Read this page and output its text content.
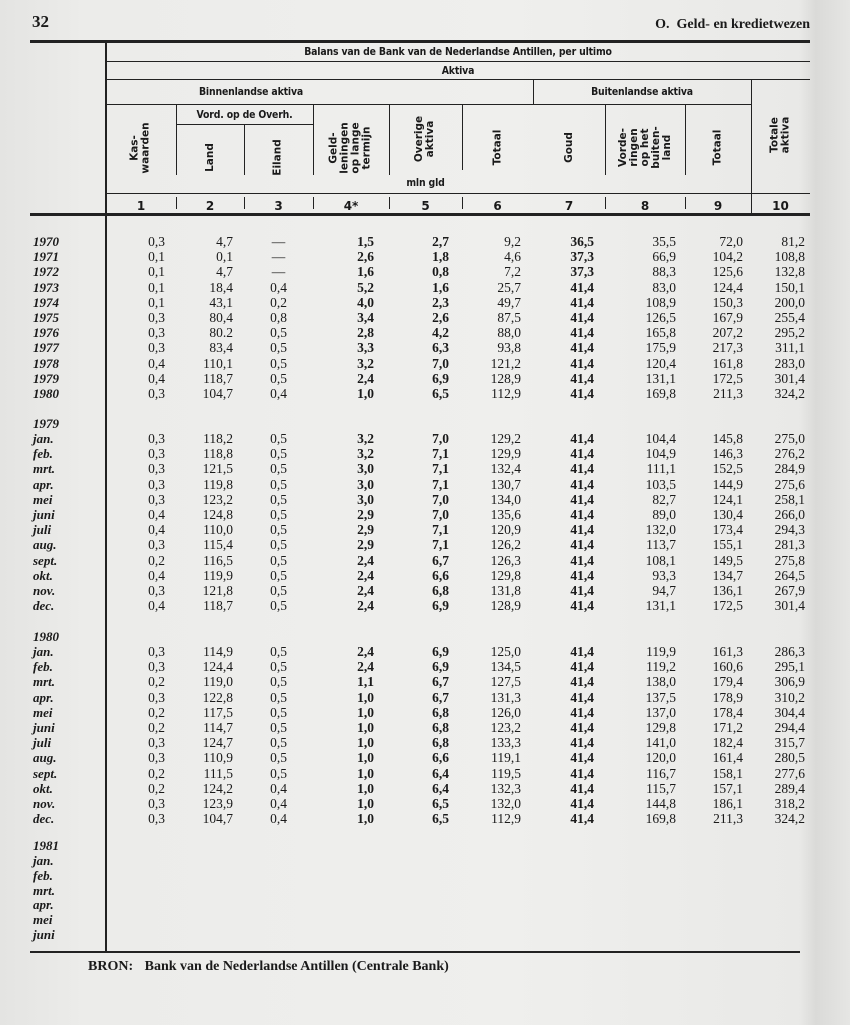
32	O.  Geld- en kredietwezen
Balans van de Bank van de Nederlandse Antillen, per ultimo
Aktiva
Binnenlandse aktiva	Buitenlandse aktiva
Vord. op de Overh.
mln gld
Kas-
waarden
1
Land
2
Eiland
3
Geld-
leningen
op lange
termijn
4*
Overige
aktiva
5
Totaal
6
Goud
7
Vorde-
ringen
op het
buiten-
land
8
Totaal
9
Totale
aktiva
10
1970	0,3	4,7	—	1,5	2,7	9,2	36,5	35,5	72,0	81,2
1971	0,1	0,1	—	2,6	1,8	4,6	37,3	66,9	104,2	108,8
1972	0,1	4,7	—	1,6	0,8	7,2	37,3	88,3	125,6	132,8
1973	0,1	18,4	0,4	5,2	1,6	25,7	41,4	83,0	124,4	150,1
1974	0,1	43,1	0,2	4,0	2,3	49,7	41,4	108,9	150,3	200,0
1975	0,3	80,4	0,8	3,4	2,6	87,5	41,4	126,5	167,9	255,4
1976	0,3	80.2	0,5	2,8	4,2	88,0	41,4	165,8	207,2	295,2
1977	0,3	83,4	0,5	3,3	6,3	93,8	41,4	175,9	217,3	311,1
1978	0,4	110,1	0,5	3,2	7,0	121,2	41,4	120,4	161,8	283,0
1979	0,4	118,7	0,5	2,4	6,9	128,9	41,4	131,1	172,5	301,4
1980	0,3	104,7	0,4	1,0	6,5	112,9	41,4	169,8	211,3	324,2
1979
jan.	0,3	118,2	0,5	3,2	7,0	129,2	41,4	104,4	145,8	275,0
feb.	0,3	118,8	0,5	3,2	7,1	129,9	41,4	104,9	146,3	276,2
mrt.	0,3	121,5	0,5	3,0	7,1	132,4	41,4	111,1	152,5	284,9
apr.	0,3	119,8	0,5	3,0	7,1	130,7	41,4	103,5	144,9	275,6
mei	0,3	123,2	0,5	3,0	7,0	134,0	41,4	82,7	124,1	258,1
juni	0,4	124,8	0,5	2,9	7,0	135,6	41,4	89,0	130,4	266,0
juli	0,4	110,0	0,5	2,9	7,1	120,9	41,4	132,0	173,4	294,3
aug.	0,3	115,4	0,5	2,9	7,1	126,2	41,4	113,7	155,1	281,3
sept.	0,2	116,5	0,5	2,4	6,7	126,3	41,4	108,1	149,5	275,8
okt.	0,4	119,9	0,5	2,4	6,6	129,8	41,4	93,3	134,7	264,5
nov.	0,3	121,8	0,5	2,4	6,8	131,8	41,4	94,7	136,1	267,9
dec.	0,4	118,7	0,5	2,4	6,9	128,9	41,4	131,1	172,5	301,4
1980
jan.	0,3	114,9	0,5	2,4	6,9	125,0	41,4	119,9	161,3	286,3
feb.	0,3	124,4	0,5	2,4	6,9	134,5	41,4	119,2	160,6	295,1
mrt.	0,2	119,0	0,5	1,1	6,7	127,5	41,4	138,0	179,4	306,9
apr.	0,3	122,8	0,5	1,0	6,7	131,3	41,4	137,5	178,9	310,2
mei	0,2	117,5	0,5	1,0	6,8	126,0	41,4	137,0	178,4	304,4
juni	0,2	114,7	0,5	1,0	6,8	123,2	41,4	129,8	171,2	294,4
juli	0,3	124,7	0,5	1,0	6,8	133,3	41,4	141,0	182,4	315,7
aug.	0,3	110,9	0,5	1,0	6,6	119,1	41,4	120,0	161,4	280,5
sept.	0,2	111,5	0,5	1,0	6,4	119,5	41,4	116,7	158,1	277,6
okt.	0,2	124,2	0,4	1,0	6,4	132,3	41,4	115,7	157,1	289,4
nov.	0,3	123,9	0,4	1,0	6,5	132,0	41,4	144,8	186,1	318,2
dec.	0,3	104,7	0,4	1,0	6,5	112,9	41,4	169,8	211,3	324,2
1981
jan.
feb.
mrt.
apr.
mei
juni
BRON: Bank van de Nederlandse Antillen (Centrale Bank)
